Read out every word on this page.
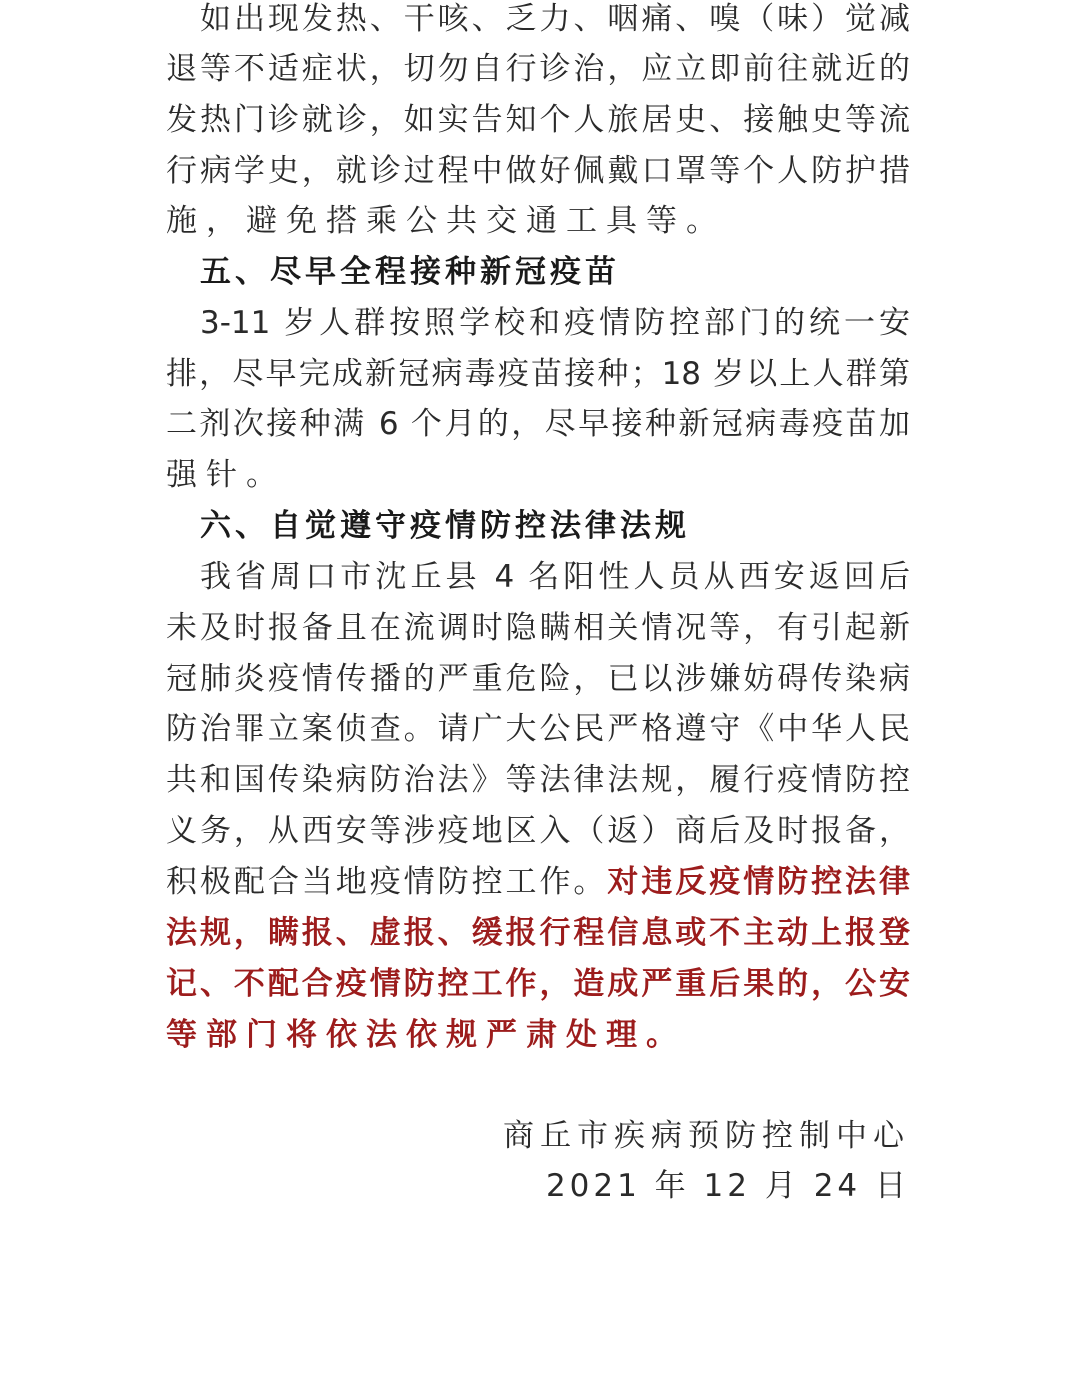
如出现发热、干咳、乏力、咽痛、嗅（味）觉减
退等不适症状，切勿自行诊治，应立即前往就近的
发热门诊就诊，如实告知个人旅居史、接触史等流
行病学史，就诊过程中做好佩戴口罩等个人防护措
施，避免搭乘公共交通工具等。
五、尽早全程接种新冠疫苗
3-11 岁人群按照学校和疫情防控部门的统一安
排，尽早完成新冠病毒疫苗接种；18 岁以上人群第
二剂次接种满 6 个月的，尽早接种新冠病毒疫苗加
强针。
六、自觉遵守疫情防控法律法规
我省周口市沈丘县 4 名阳性人员从西安返回后
未及时报备且在流调时隐瞒相关情况等，有引起新
冠肺炎疫情传播的严重危险，已以涉嫌妨碍传染病
防治罪立案侦查。请广大公民严格遵守《中华人民
共和国传染病防治法》等法律法规，履行疫情防控
义务，从西安等涉疫地区入（返）商后及时报备，
积极配合当地疫情防控工作。对违反疫情防控法律
法规，瞒报、虚报、缓报行程信息或不主动上报登
记、不配合疫情防控工作，造成严重后果的，公安
等部门将依法依规严肃处理。
商丘市疾病预防控制中心
2021 年 12 月 24 日
